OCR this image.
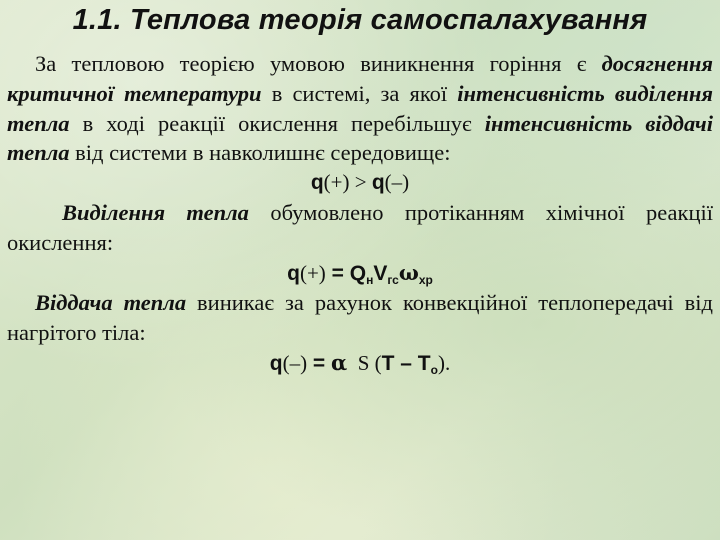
1.1. Теплова теорія самоспалахування

За тепловою теорією умовою виникнення горіння є досягнення критичної температури в системі, за якої інтенсивність виділення тепла в ході реакції окислення перебільшує інтенсивність віддачі тепла від системи в навколишнє середовище:

q(+) > q(–)

Виділення тепла обумовлено протіканням хімічної реакції окислення:

$q(+) = Q_нV_{гс}\omega_{хр}$

Віддача тепла виникає за рахунок конвекційної теплопередачі від нагрітого тіла:

q(–) = α  S $(T - T_o)$.
